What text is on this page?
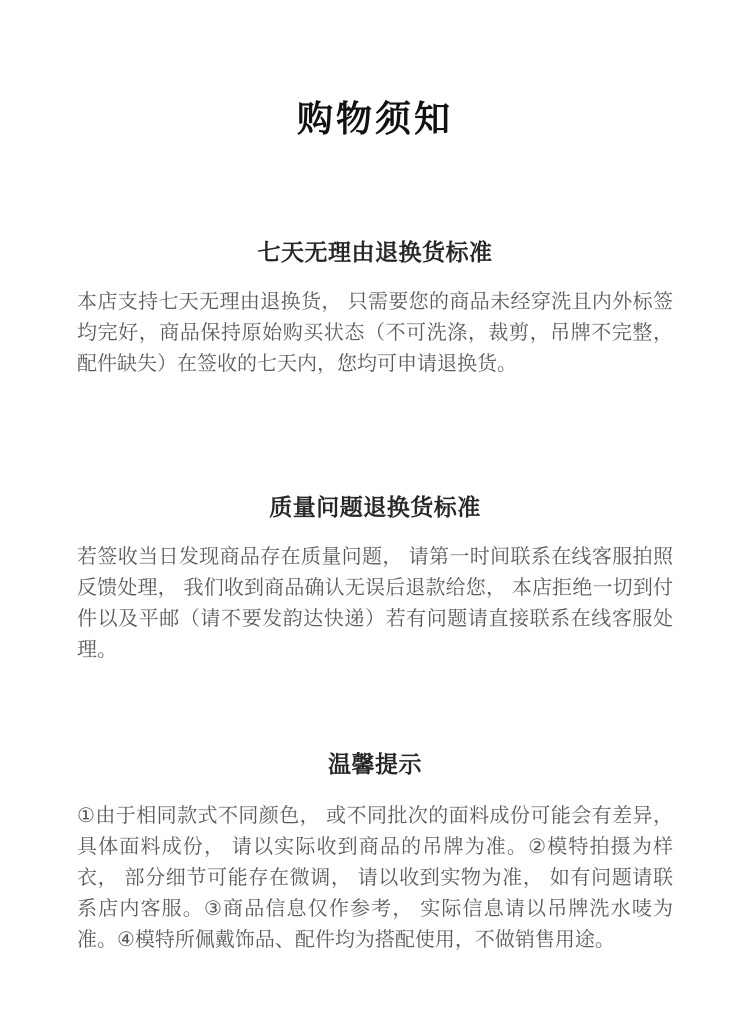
购物须知
七天无理由退换货标准

本店支持七天无理由退换货， 只需要您的商品未经穿洗且内外标签均完好，商品保持原始购买状态（不可洗涤，裁剪，吊牌不完整，配件缺失）在签收的七天内，您均可申请退换货。

质量问题退换货标准

若签收当日发现商品存在质量问题， 请第一时间联系在线客服拍照反馈处理， 我们收到商品确认无误后退款给您， 本店拒绝一切到付件以及平邮（请不要发韵达快递）若有问题请直接联系在线客服处理。

温馨提示

①由于相同款式不同颜色， 或不同批次的面料成份可能会有差异， 具体面料成份， 请以实际收到商品的吊牌为准。②模特拍摄为样衣， 部分细节可能存在微调， 请以收到实物为准， 如有问题请联系店内客服。③商品信息仅作参考， 实际信息请以吊牌洗水唛为准。④模特所佩戴饰品、配件均为搭配使用，不做销售用途。
